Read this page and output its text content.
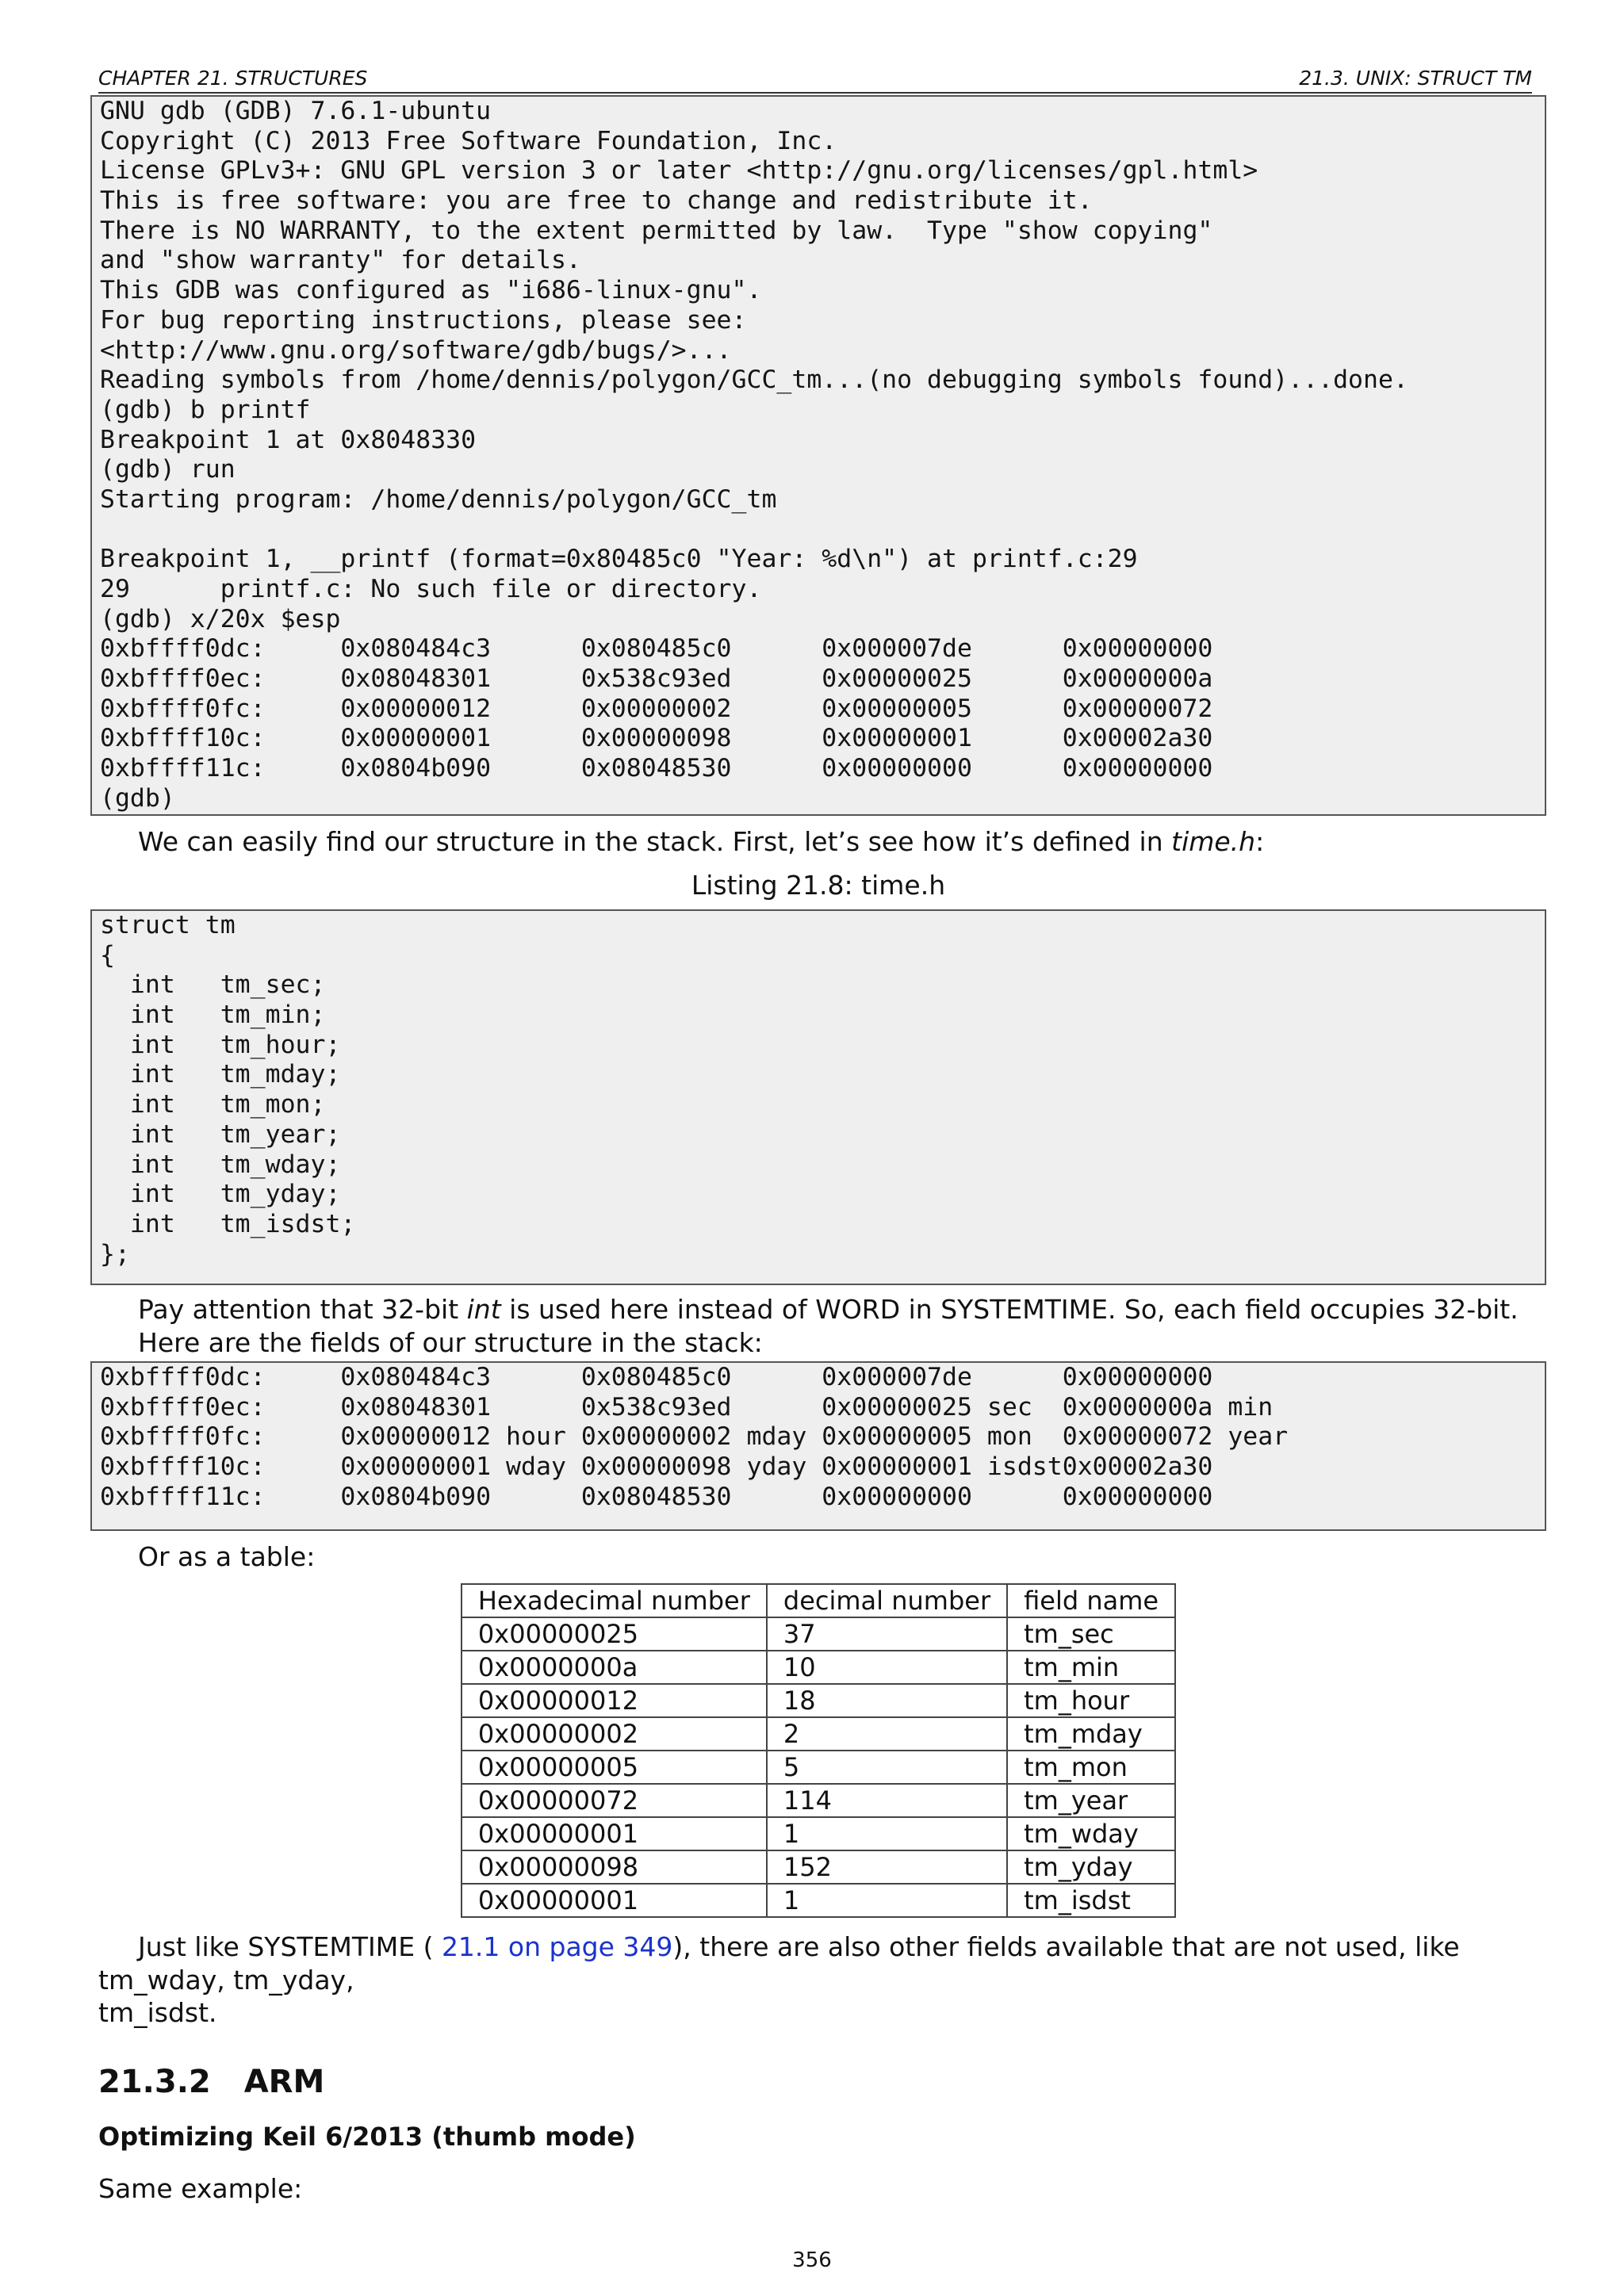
CHAPTER 21. STRUCTURES	21.3. UNIX: STRUCT TM
GNU gdb (GDB) 7.6.1-ubuntu
Copyright (C) 2013 Free Software Foundation, Inc.
License GPLv3+: GNU GPL version 3 or later <http://gnu.org/licenses/gpl.html>
This is free software: you are free to change and redistribute it.
There is NO WARRANTY, to the extent permitted by law.  Type "show copying"
and "show warranty" for details.
This GDB was configured as "i686-linux-gnu".
For bug reporting instructions, please see:
<http://www.gnu.org/software/gdb/bugs/>...
Reading symbols from /home/dennis/polygon/GCC_tm...(no debugging symbols found)...done.
(gdb) b printf
Breakpoint 1 at 0x8048330
(gdb) run
Starting program: /home/dennis/polygon/GCC_tm
Breakpoint 1, __printf (format=0x80485c0 "Year: %d\n") at printf.c:29
29      printf.c: No such file or directory.
(gdb) x/20x $esp
0xbffff0dc:     0x080484c3      0x080485c0      0x000007de      0x00000000
0xbffff0ec:     0x08048301      0x538c93ed      0x00000025      0x0000000a
0xbffff0fc:     0x00000012      0x00000002      0x00000005      0x00000072
0xbffff10c:     0x00000001      0x00000098      0x00000001      0x00002a30
0xbffff11c:     0x0804b090      0x08048530      0x00000000      0x00000000
(gdb)

We can easily find our structure in the stack. First, let’s see how it’s defined in time.h:

Listing 21.8: time.h
struct tm
{
int   tm_sec;
int   tm_min;
int   tm_hour;
int   tm_mday;
int   tm_mon;
int   tm_year;
int   tm_wday;
int   tm_yday;
int   tm_isdst;
};

Pay attention that 32-bit int is used here instead of WORD in SYSTEMTIME. So, each field occupies 32-bit.

Here are the fields of our structure in the stack:

0xbffff0dc:     0x080484c3      0x080485c0      0x000007de      0x00000000
0xbffff0ec:     0x08048301      0x538c93ed      0x00000025 sec  0x0000000a min
0xbffff0fc:     0x00000012 hour 0x00000002 mday 0x00000005 mon  0x00000072 year
0xbffff10c:     0x00000001 wday 0x00000098 yday 0x00000001 isdst0x00002a30
0xbffff11c:     0x0804b090      0x08048530      0x00000000      0x00000000

Or as a table:

Hexadecimal number	decimal number	field name
0x00000025	37	tm_sec
0x0000000a	10	tm_min
0x00000012	18	tm_hour
0x00000002	2	tm_mday
0x00000005	5	tm_mon
0x00000072	114	tm_year
0x00000001	1	tm_wday
0x00000098	152	tm_yday
0x00000001	1	tm_isdst

Just like SYSTEMTIME ( 21.1 on page 349), there are also other fields available that are not used, like tm_wday, tm_yday,

tm_isdst.

21.3.2 ARM
Optimizing Keil 6/2013 (thumb mode)

Same example:

356
